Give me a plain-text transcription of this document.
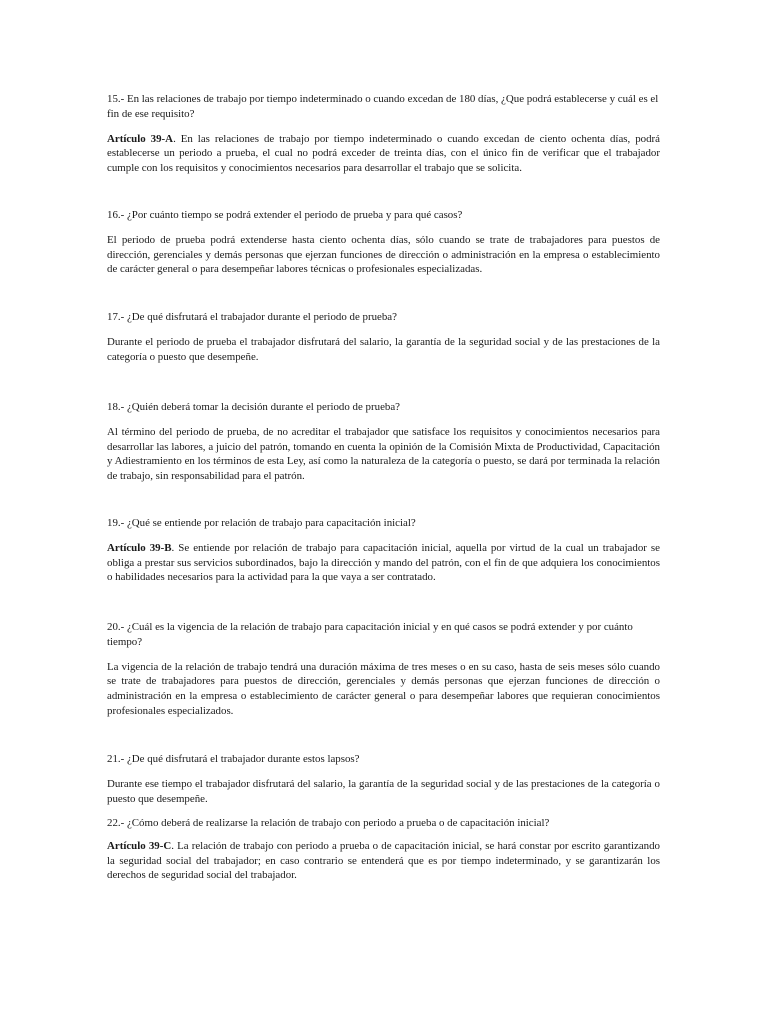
15.- En las relaciones de trabajo por tiempo indeterminado o cuando excedan de 180 días, ¿Que podrá establecerse y cuál es el fin de ese requisito?

Artículo 39-A. En las relaciones de trabajo por tiempo indeterminado o cuando excedan de ciento ochenta días, podrá establecerse un periodo a prueba, el cual no podrá exceder de treinta días, con el único fin de verificar que el trabajador cumple con los requisitos y conocimientos necesarios para desarrollar el trabajo que se solicita.

16.- ¿Por cuánto tiempo se podrá extender el periodo de prueba y para qué casos?

El periodo de prueba podrá extenderse hasta ciento ochenta días, sólo cuando se trate de trabajadores para puestos de dirección, gerenciales y demás personas que ejerzan funciones de dirección o administración en la empresa o establecimiento de carácter general o para desempeñar labores técnicas o profesionales especializadas.

17.- ¿De qué disfrutará el trabajador durante el periodo de prueba?

Durante el periodo de prueba el trabajador disfrutará del salario, la garantía de la seguridad social y de las prestaciones de la categoría o puesto que desempeñe.

18.- ¿Quién deberá tomar la decisión durante el periodo de prueba?

Al término del periodo de prueba, de no acreditar el trabajador que satisface los requisitos y conocimientos necesarios para desarrollar las labores, a juicio del patrón, tomando en cuenta la opinión de la Comisión Mixta de Productividad, Capacitación y Adiestramiento en los términos de esta Ley, así como la naturaleza de la categoría o puesto, se dará por terminada la relación de trabajo, sin responsabilidad para el patrón.

19.- ¿Qué se entiende por relación de trabajo para capacitación inicial?

Artículo 39-B. Se entiende por relación de trabajo para capacitación inicial, aquella por virtud de la cual un trabajador se obliga a prestar sus servicios subordinados, bajo la dirección y mando del patrón, con el fin de que adquiera los conocimientos o habilidades necesarios para la actividad para la que vaya a ser contratado.

20.- ¿Cuál es la vigencia de la relación de trabajo para capacitación inicial y en qué casos se podrá extender y por cuánto tiempo?

La vigencia de la relación de trabajo tendrá una duración máxima de tres meses o en su caso, hasta de seis meses sólo cuando se trate de trabajadores para puestos de dirección, gerenciales y demás personas que ejerzan funciones de dirección o administración en la empresa o establecimiento de carácter general o para desempeñar labores que requieran conocimientos profesionales especializados.

21.- ¿De qué disfrutará el trabajador durante estos lapsos?

Durante ese tiempo el trabajador disfrutará del salario, la garantía de la seguridad social y de las prestaciones de la categoría o puesto que desempeñe.

22.- ¿Cómo deberá de realizarse la relación de trabajo con periodo a prueba o de capacitación inicial?

Artículo 39-C. La relación de trabajo con periodo a prueba o de capacitación inicial, se hará constar por escrito garantizando la seguridad social del trabajador; en caso contrario se entenderá que es por tiempo indeterminado, y se garantizarán los derechos de seguridad social del trabajador.
